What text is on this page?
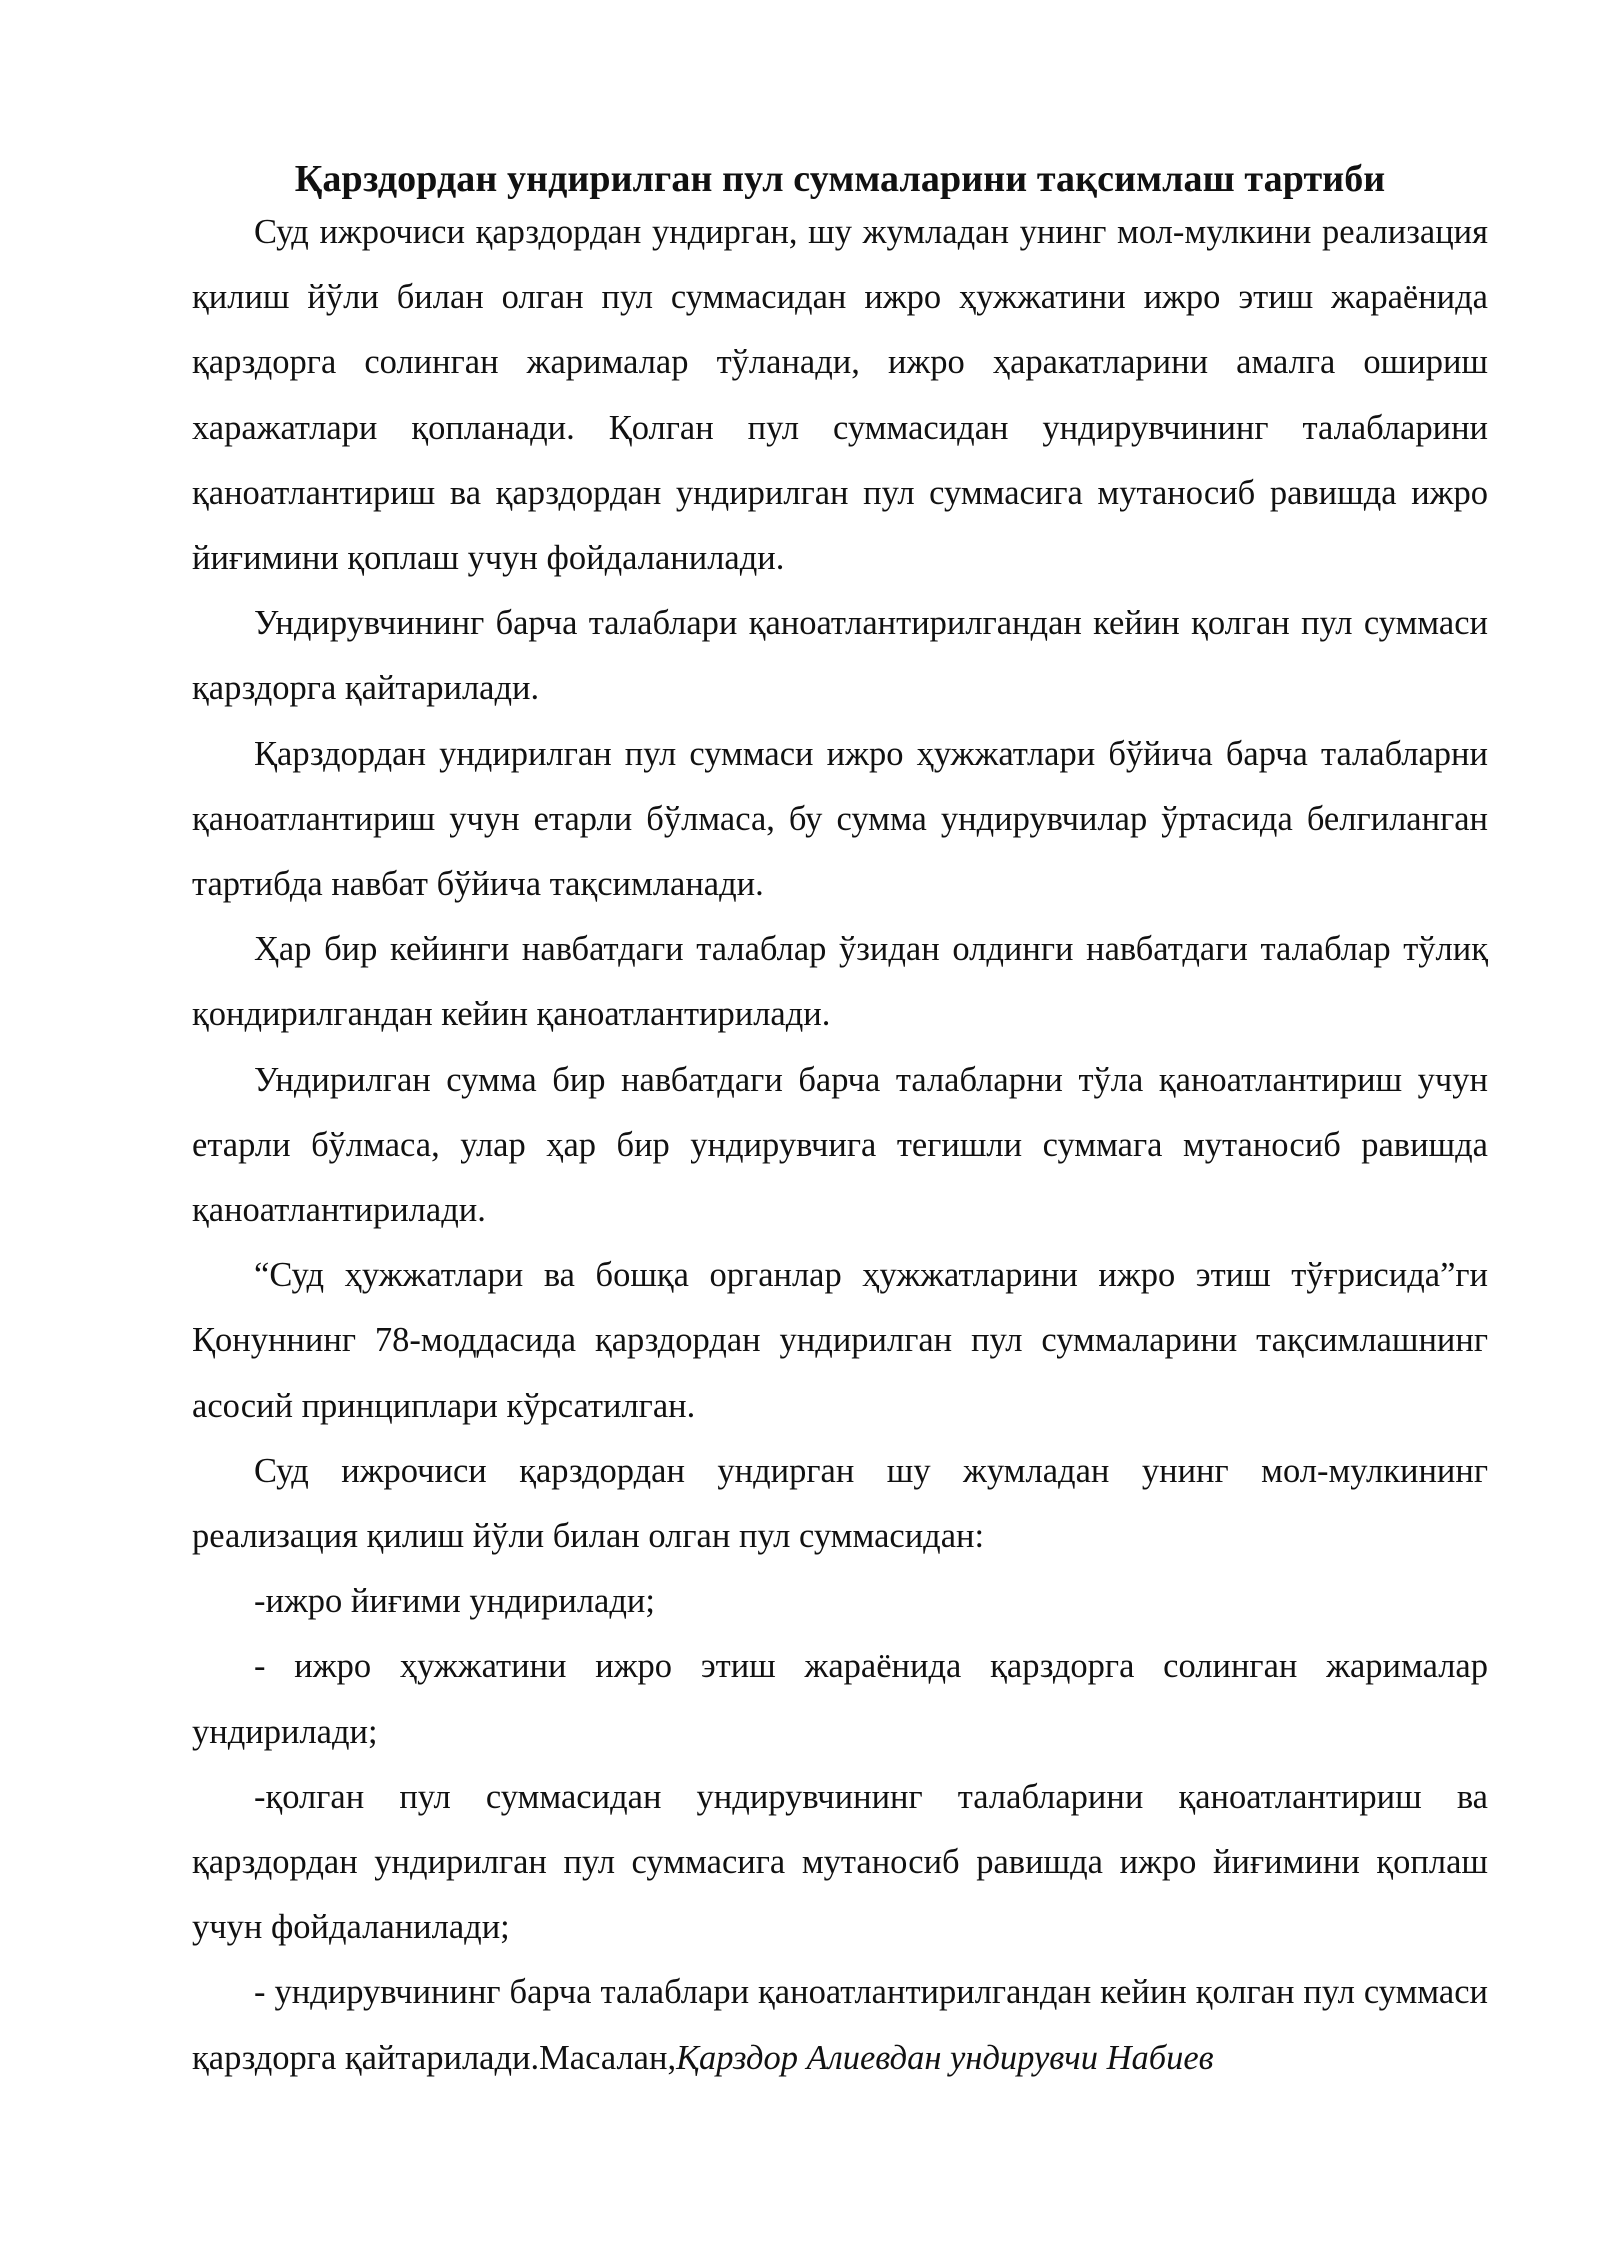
Қарздордан ундирилган пул суммаларини тақсимлаш тартиби

Суд ижрочиси қарздордан ундирган, шу жумладан унинг мол-мулкини реализация қилиш йўли билан олган пул суммасидан ижро ҳужжатини ижро этиш жараёнида қарздорга солинган жарималар тўланади, ижро ҳаракатларини амалга ошириш харажатлари қопланади. Қолган пул суммасидан ундирувчининг талабларини қаноатлантириш ва қарздордан ундирилган пул суммасига мутаносиб равишда ижро йиғимини қоплаш учун фойдаланилади.

Ундирувчининг барча талаблари қаноатлантирилгандан кейин қолган пул суммаси қарздорга қайтарилади.

Қарздордан ундирилган пул суммаси ижро ҳужжатлари бўйича барча талабларни қаноатлантириш учун етарли бўлмаса, бу сумма ундирувчилар ўртасида белгиланган тартибда навбат бўйича тақсимланади.

Ҳар бир кейинги навбатдаги талаблар ўзидан олдинги навбатдаги талаблар тўлиқ қондирилгандан кейин қаноатлантирилади.

Ундирилган сумма бир навбатдаги барча талабларни тўла қаноатлантириш учун етарли бўлмаса, улар ҳар бир ундирувчига тегишли суммага мутаносиб равишда қаноатлантирилади.

“Суд ҳужжатлари ва бошқа органлар ҳужжатларини ижро этиш тўғрисида”ги Қонуннинг 78-моддасида қарздордан ундирилган пул суммаларини тақсимлашнинг асосий принциплари кўрсатилган.

Суд ижрочиси қарздордан ундирган шу жумладан унинг мол-мулкининг реализация қилиш йўли билан олган пул суммасидан:

-ижро йиғими ундирилади;

- ижро ҳужжатини ижро этиш жараёнида қарздорга солинган жарималар ундирилади;

-қолган пул суммасидан ундирувчининг талабларини қаноатлантириш ва қарздордан ундирилган пул суммасига мутаносиб равишда ижро йиғимини қоплаш учун фойдаланилади;

- ундирувчининг барча талаблари қаноатлантирилгандан кейин қолган пул суммаси қарздорга қайтарилади.Масалан,Қарздор Алиевдан ундирувчи Набиев
